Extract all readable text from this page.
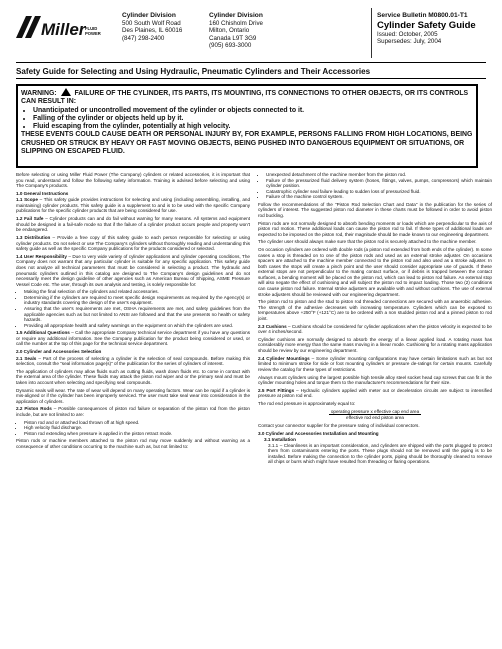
Miller FLUID
POWER
Cylinder Division
500 South Wolf Road
Des Plaines, IL 60016
(847) 298-2400
Cylinder Division
160 Chisholm Drive
Milton, Ontario
Canada L9T 3G9
(905) 693-3000
Service Bulletin M0800.01-T1
Cylinder Safety Guide
Issued: October, 2005
Supersedes: July, 2004
Safety Guide for Selecting and Using Hydraulic, Pneumatic Cylinders and Their Accessories
WARNING:	FAILURE OF THE CYLINDER, ITS PARTS, ITS MOUNTING, ITS CONNECTIONS TO OTHER OBJECTS, OR ITS CONTROLS CAN RESULT IN:
• Unanticipated or uncontrolled movement of the cylinder or objects connected to it.
• Falling of the cylinder or objects held up by it.
• Fluid escaping from the cylinder, potentially at high velocity.
THESE EVENTS COULD CAUSE DEATH OR PERSONAL INJURY BY, FOR EXAMPLE, PERSONS FALLING FROM HIGH LOCATIONS, BEING CRUSHED OR STRUCK BY HEAVY OR FAST MOVING OBJECTS, BEING PUSHED INTO DANGEROUS EQUIPMENT OR SITUATIONS, OR SLIPPING ON ESCAPED FLUID.

Before selecting or using Miller Fluid Power (The Company) cylinders or related accessories, it is important that you read, understand and follow the following safety information. Training is advised before selecting and using The Company's products.

1.0 General Instructions

1.1 Scope – This safety guide provides instructions for selecting and using (including assembling, installing, and maintaining) cylinder products. This safety guide is a supplement to and is to be used with the specific Company publications for the specific cylinder products that are being considered for use.

1.2 Fail Safe – Cylinder products can and do fail without warning for many reasons. All systems and equipment should be designed in a fail-safe mode so that if the failure of a cylinder product occurs people and property won't be endangered.

1.3 Distribution – Provide a free copy of this safety guide to each person responsible for selecting or using cylinder products. Do not select or use The Company's cylinders without thoroughly reading and understanding this safety guide as well as the specific Company publications for the products considered or selected.

1.4 User Responsibility – Due to very wide variety of cylinder applications and cylinder operating conditions, The Company does not warrant that any particular cylinder is suitable for any specific application. This safety guide does not analyze all technical parameters that must be considered in selecting a product. The hydraulic and pneumatic cylinders outlined in this catalog are designed to The Company's design guidelines and do not necessarily meet the design guideline of other agencies such as American Bureau of Shipping, ASME Pressure Vessel Code etc. The user, through its own analysis and testing, is solely responsible for:

• Making the final selection of the cylinders and related accessories.
• Determining if the cylinders are required to meet specific design requirements as required by the Agency(s) or industry standards covering the design of the user's equipment.
• Assuring that the user's requirements are met, OSHA requirements are met, and safety guidelines from the applicable agencies such as but not limited to ANSI are followed and that the use presents no health or safety hazards.
• Providing all appropriate health and safety warnings on the equipment on which the cylinders are used.

1.5 Additional Questions – Call the appropriate Company technical service department if you have any questions or require any additional information. See the Company publication for the product being considered or used, or call the number at the top of this page for the technical service department.

2.0 Cylinder and Accessories Selection

2.1 Seals – Part of the process of selecting a cylinder is the selection of seal compounds. Before making this selection, consult the "seal information page(s)" of the publication for the series of cylinders of interest.

The application of cylinders may allow fluids such as cutting fluids, wash down fluids etc. to come in contact with the external area of the cylinder. These fluids may attack the piston rod wiper and or the primary seal and must be taken into account when selecting and specifying seal compounds.

Dynamic seals will wear. The rate of wear will depend on many operating factors. Wear can be rapid if a cylinder is mis-aligned or if the cylinder has been improperly serviced. The user must take seal wear into consideration in the application of cylinders.

2.2 Piston Rods – Possible consequences of piston rod failure or separation of the piston rod from the piston include, but are not limited to are:

• Piston rod and or attached load thrown off at high speed.
• High velocity fluid discharge.
• Piston rod extending when pressure is applied in the piston retract mode.

Piston rods or machine members attached to the piston rod may move suddenly and without warning as a consequence of other conditions occurring to the machine such as, but not limited to:

• Unexpected detachment of the machine member from the piston rod.
• Failure of the pressurized fluid delivery system (hoses, fittings, valves, pumps, compressors) which maintain cylinder position.
• Catastrophic cylinder seal failure leading to sudden loss of pressurized fluid.
• Failure of the machine control system.

Follow the recommendations of the "Piston Rod Selection Chart and Data" in the publication for the series of cylinders of interest. The suggested piston rod diameter in these charts must be followed in order to avoid piston rod buckling.

Piston rods are not normally designed to absorb bending moments or loads which are perpendicular to the axis of piston rod motion. These additional loads can cause the piston rod to fail. If these types of additional loads are expected to be imposed on the piston rod, their magnitude should be made known to our engineering department.

The cylinder user should always make sure that the piston rod is securely attached to the machine member.

On occasion cylinders are ordered with double rods (a piston rod extended from both ends of the cylinder). In some cases a stop is threaded on to one of the piston rods and used as an external stroke adjuster. On occasions spacers are attached to the machine member connected to the piston rod and also used as a stroke adjuster. In both cases the stops will create a pinch point and the user should consider appropriate use of guards. If these external stops are not perpendicular to the mating contact surface, or if debris is trapped between the contact surfaces, a bending moment will be placed on the piston rod, which can lead to piston rod failure. An external stop will also negate the effect of cushioning and will subject the piston rod to impact loading. Those two (2) conditions can cause piston rod failure. Internal stroke adjusters are available with and without cushions. The use of external stroke adjusters should be reviewed with our engineering department.

The piston rod to piston and the stud to piston rod threaded connections are secured with an anaerobic adhesive. The strength of the adhesive decreases with increasing temperature. Cylinders which can be exposed to temperatures above +250°F (+121°C) are to be ordered with a non studded piston rod and a pinned piston to rod joint.

2.3 Cushions – Cushions should be considered for cylinder applications when the piston velocity is expected to be over 4 inches/second.

Cylinder cushions are normally designed to absorb the energy of a linear applied load. A rotating mass has considerably more energy than the same mass moving in a linear mode. Cushioning for a rotating mass application should be review by our engineering department.

2.4 Cylinder Mountings – Some cylinder mounting configurations may have certain limitations such as but not limited to minimum stroke for side or foot mounting cylinders or pressure de-ratings for certain mounts. Carefully review the catalog for these types of restrictions.

Always mount cylinders using the largest possible high tensile alloy steel socket head cap screws that can fit in the cylinder mounting holes and torque them to the manufacturer's recommendations for their size.

2.5 Port Fittings – Hydraulic cylinders applied with meter out or deceleration circuits are subject to intensified pressure at piston rod end.

The rod end pressure is approximately equal to:

operating pressure x effective cap end area
effective rod end piston area

Contact your connector supplier for the pressure rating of individual connectors.

3.0 Cylinder and Accessories Installation and Mounting
3.1 Installation

3.1.1 – Cleanliness is an important consideration, and cylinders are shipped with the ports plugged to protect them from contaminants entering the ports. These plugs should not be removed until the piping is to be installed. Before making the connection to the cylinder ports, piping should be thoroughly cleaned to remove all chips or burrs which might have resulted from threading or flaring operations.
